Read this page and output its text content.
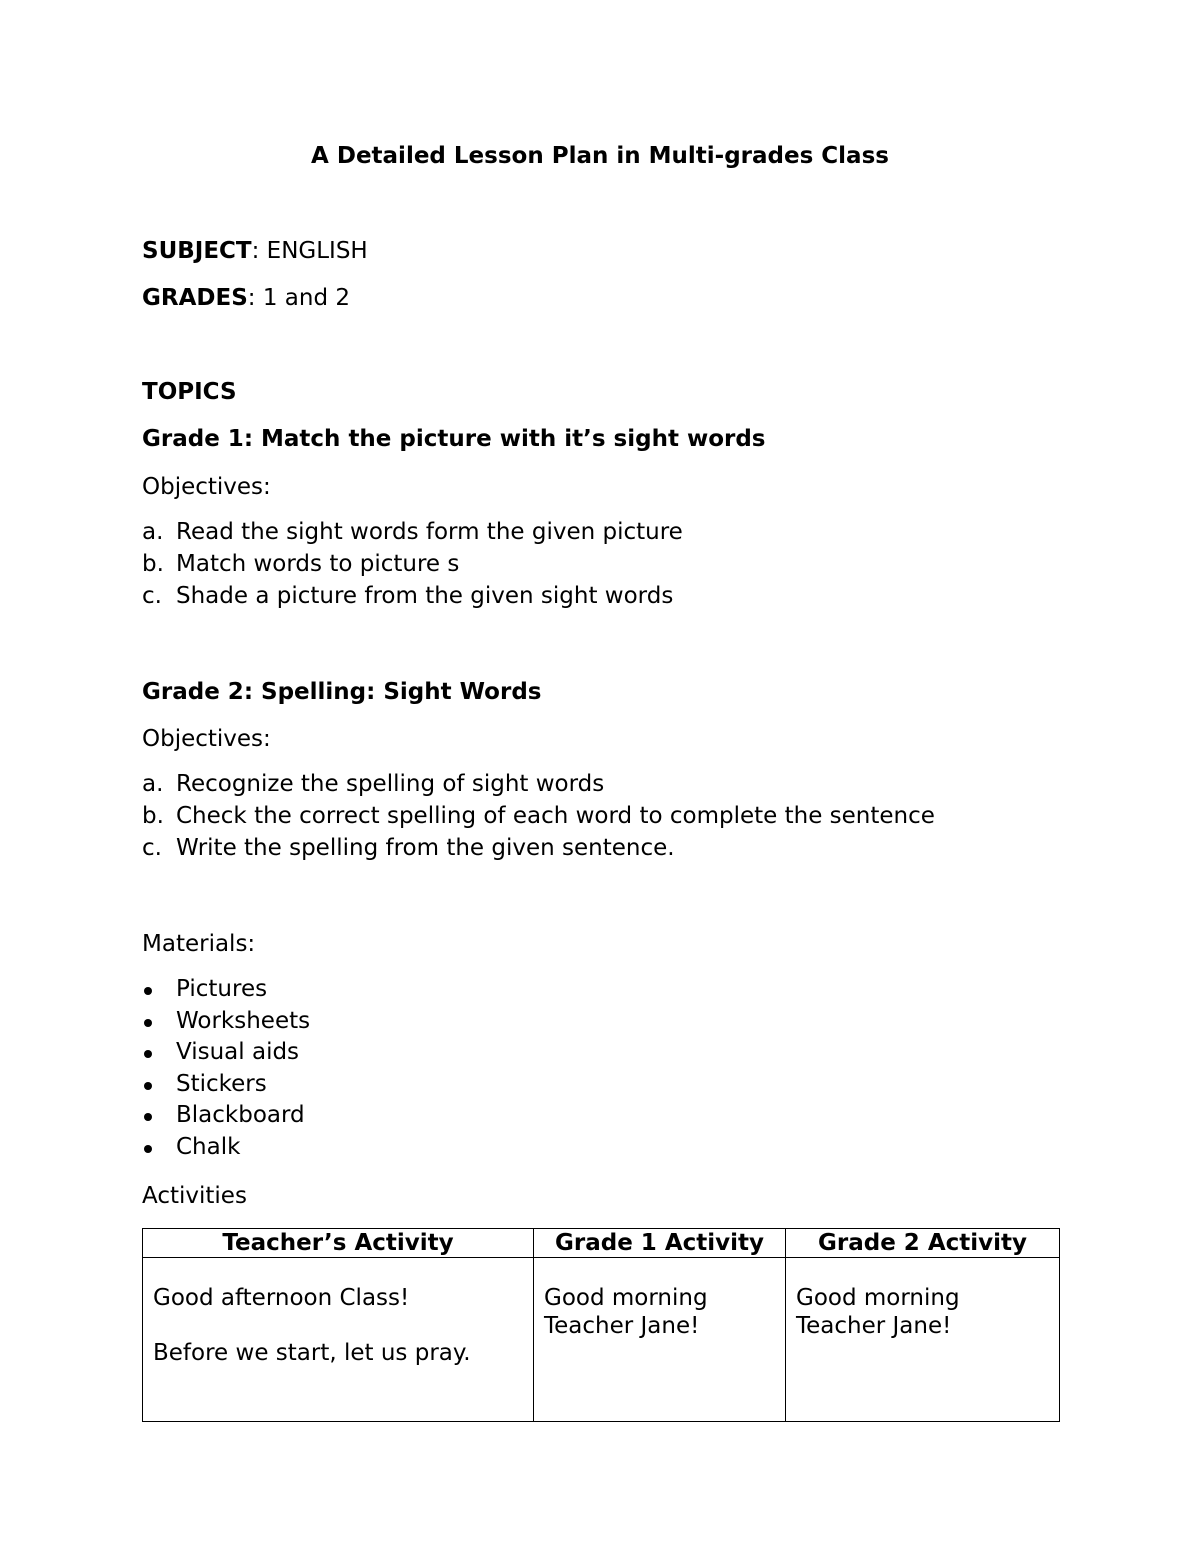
A Detailed Lesson Plan in Multi-grades Class
SUBJECT: ENGLISH
GRADES: 1 and 2
TOPICS
Grade 1: Match the picture with it’s sight words
Objectives:
a. Read the sight words form the given picture
b. Match words to picture s
c. Shade a picture from the given sight words
Grade 2: Spelling: Sight Words
Objectives:
a. Recognize the spelling of sight words
b. Check the correct spelling of each word to complete the sentence
c. Write the spelling from the given sentence.
Materials:
Pictures
Worksheets
Visual aids
Stickers
Blackboard
Chalk
Activities
Teacher’s Activity	Grade 1 Activity	Grade 2 Activity

Good afternoon Class!

Before we start, let us pray.	Good morning Teacher Jane!	Good morning Teacher Jane!
